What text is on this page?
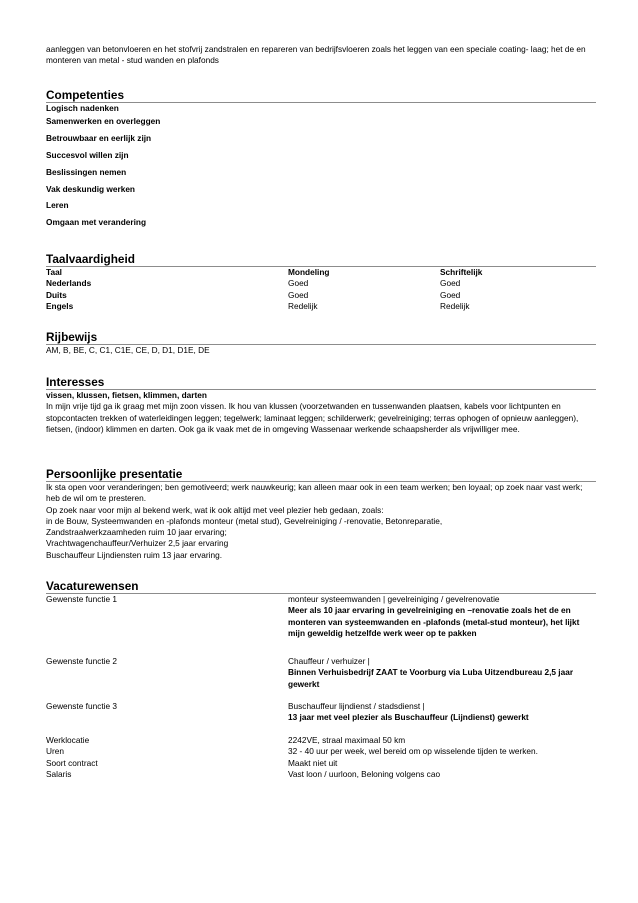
aanleggen van betonvloeren en het stofvrij zandstralen en repareren van bedrijfsvloeren zoals het leggen van een speciale coating- laag; het de en monteren van metal - stud wanden en plafonds

Competenties
Logisch nadenken
Samenwerken en overleggen
Betrouwbaar en eerlijk zijn
Succesvol willen zijn
Beslissingen nemen
Vak deskundig werken
Leren
Omgaan met verandering
Taalvaardigheid
Taal	Mondeling	Schriftelijk
Nederlands	Goed	Goed
Duits	Goed	Goed
Engels	Redelijk	Redelijk
Rijbewijs

AM, B, BE, C, C1, C1E, CE, D, D1, D1E, DE

Interesses

vissen, klussen, fietsen, klimmen, darten

In mijn vrije tijd ga ik graag met mijn zoon vissen. Ik hou van klussen (voorzetwanden en tussenwanden plaatsen, kabels voor lichtpunten en stopcontacten trekken of waterleidingen leggen; tegelwerk; laminaat leggen; schilderwerk; gevelreiniging; terras ophogen of opnieuw aanleggen), fietsen, (indoor) klimmen en darten. Ook ga ik vaak met de in omgeving Wassenaar werkende schaapsherder als vrijwilliger mee.

Persoonlijke presentatie

Ik sta open voor veranderingen; ben gemotiveerd; werk nauwkeurig; kan alleen maar ook in een team werken; ben loyaal; op zoek naar vast werk; heb de wil om te presteren.

Op zoek naar voor mijn al bekend werk, wat ik ook altijd met veel plezier heb gedaan, zoals:

in de Bouw, Systeemwanden en -plafonds monteur (metal stud), Gevelreiniging / -renovatie, Betonreparatie,

Zandstraalwerkzaamheden ruim 10 jaar ervaring;

Vrachtwagenchauffeur/Verhuizer 2,5 jaar ervaring

Buschauffeur Lijndiensten ruim 13 jaar ervaring.

Vacaturewensen
Gewenste functie 1	monteur systeemwanden | gevelreiniging / gevelrenovatie

Meer als 10 jaar ervaring in gevelreiniging en –renovatie zoals het de en monteren van systeemwanden en -plafonds (metal-stud monteur), het lijkt mijn geweldig hetzelfde werk weer op te pakken

Gewenste functie 2	Chauffeur / verhuizer |

Binnen Verhuisbedrijf ZAAT te Voorburg via Luba Uitzendbureau 2,5 jaar gewerkt

Gewenste functie 3	Buschauffeur lijndienst / stadsdienst |

13 jaar met veel plezier als Buschauffeur (Lijndienst) gewerkt

Werklocatie	2242VE, straal maximaal 50 km
Uren	32 - 40 uur per week, wel bereid om op wisselende tijden te werken.
Soort contract	Maakt niet uit
Salaris	Vast loon / uurloon, Beloning volgens cao
